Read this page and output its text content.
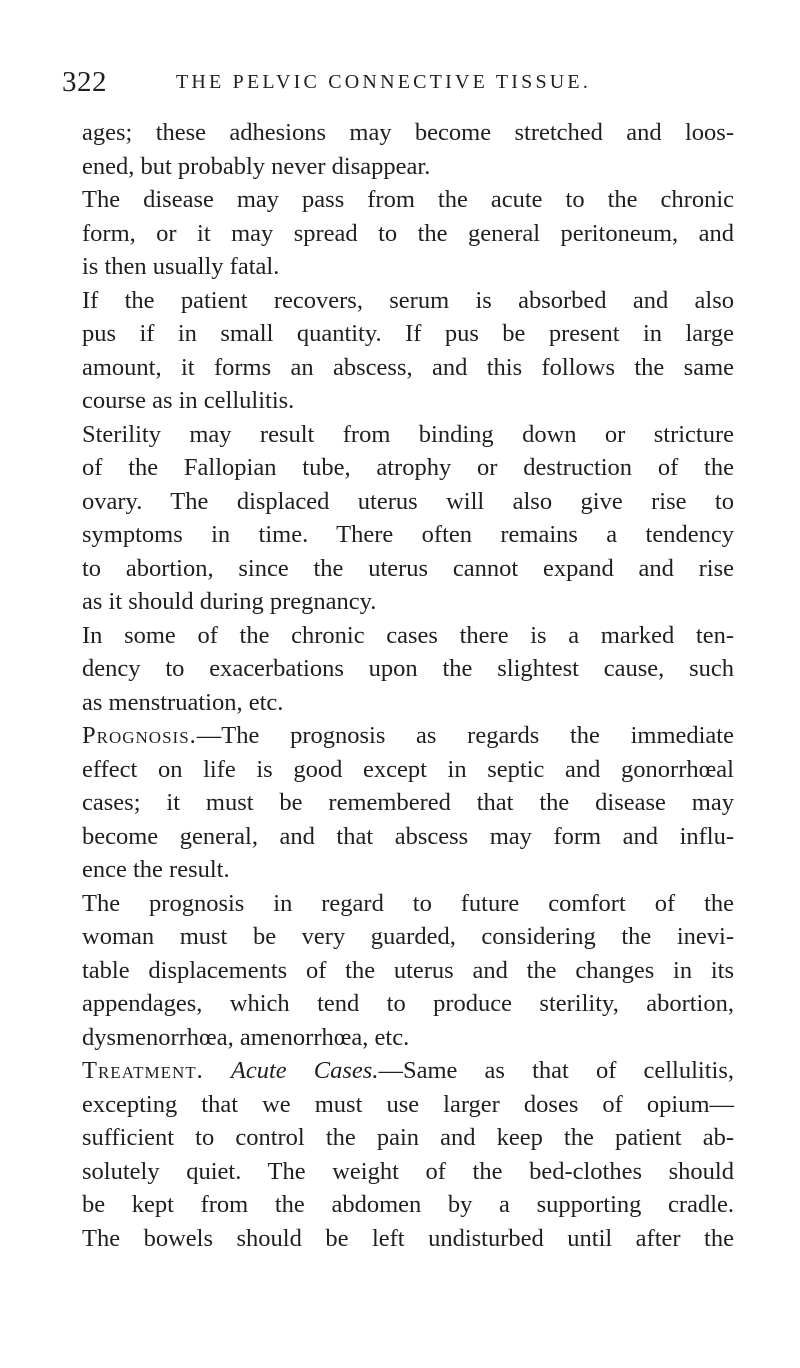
322	THE PELVIC CONNECTIVE TISSUE.
ages; these adhesions may become stretched and loos-
ened, but probably never disappear.
The disease may pass from the acute to the chronic
form, or it may spread to the general peritoneum, and
is then usually fatal.
If the patient recovers, serum is absorbed and also
pus if in small quantity. If pus be present in large
amount, it forms an abscess, and this follows the same
course as in cellulitis.
Sterility may result from binding down or stricture
of the Fallopian tube, atrophy or destruction of the
ovary. The displaced uterus will also give rise to
symptoms in time. There often remains a tendency
to abortion, since the uterus cannot expand and rise
as it should during pregnancy.
In some of the chronic cases there is a marked ten-
dency to exacerbations upon the slightest cause, such
as menstruation, etc.
Prognosis.—The prognosis as regards the immediate
effect on life is good except in septic and gonorrhœal
cases; it must be remembered that the disease may
become general, and that abscess may form and influ-
ence the result.
The prognosis in regard to future comfort of the
woman must be very guarded, considering the inevi-
table displacements of the uterus and the changes in its
appendages, which tend to produce sterility, abortion,
dysmenorrhœa, amenorrhœa, etc.
Treatment. Acute Cases.—Same as that of cellulitis,
excepting that we must use larger doses of opium—
sufficient to control the pain and keep the patient ab-
solutely quiet. The weight of the bed-clothes should
be kept from the abdomen by a supporting cradle.
The bowels should be left undisturbed until after the
